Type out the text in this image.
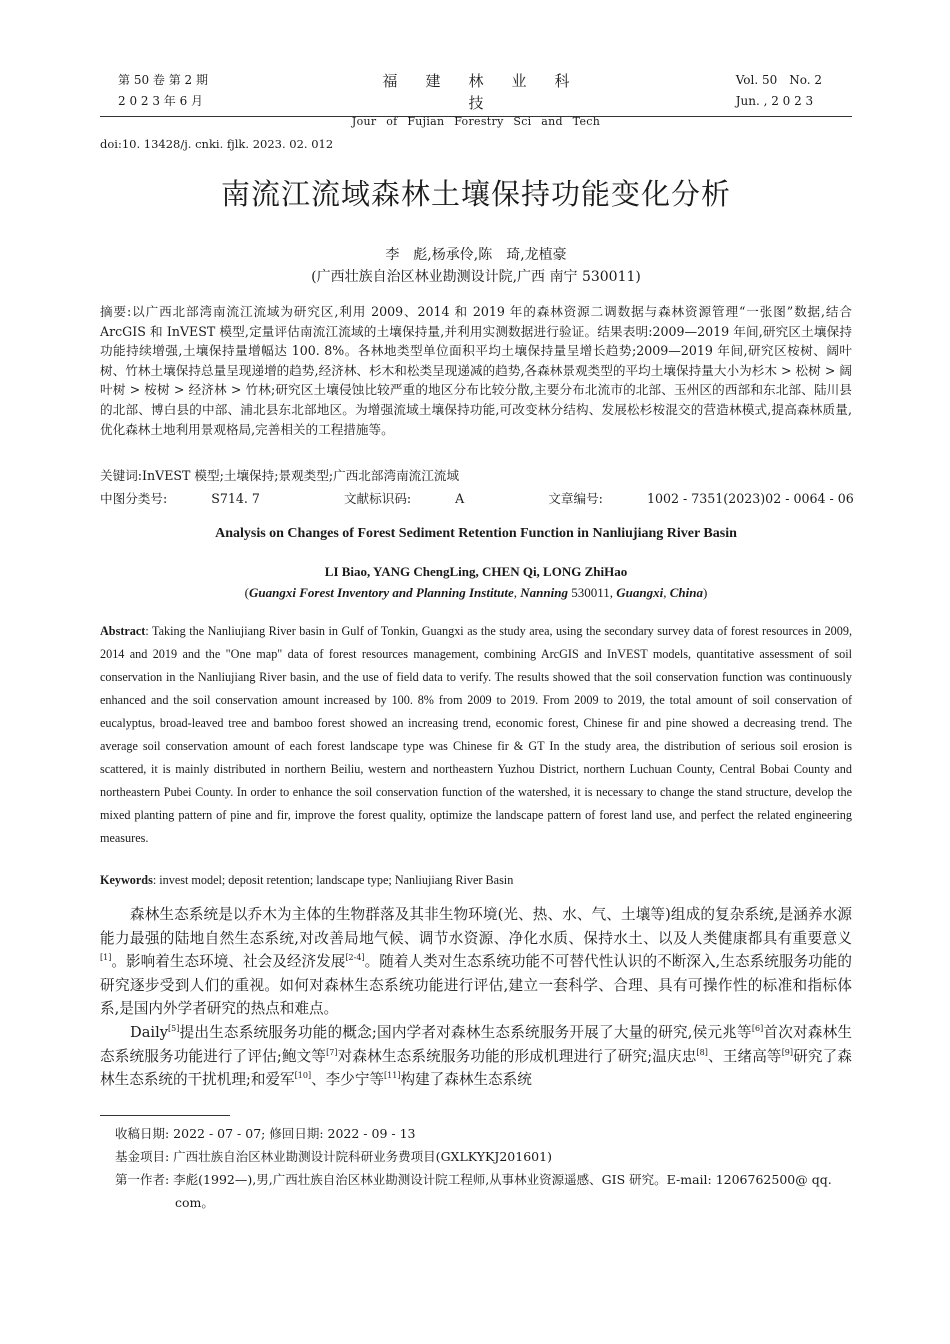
第 50 卷 第 2 期
2 0 2 3 年 6 月
福建林业科技
Jour of Fujian Forestry Sci and Tech
Vol. 50　No. 2
Jun. , 2 0 2 3
doi:10. 13428/j. cnki. fjlk. 2023. 02. 012
南流江流域森林土壤保持功能变化分析
李　彪,杨承伶,陈　琦,龙植豪
(广西壮族自治区林业勘测设计院,广西 南宁 530011)

摘要:以广西北部湾南流江流域为研究区,利用 2009、2014 和 2019 年的森林资源二调数据与森林资源管理“一张图”数据,结合 ArcGIS 和 InVEST 模型,定量评估南流江流域的土壤保持量,并利用实测数据进行验证。结果表明:2009—2019 年间,研究区土壤保持功能持续增强,土壤保持量增幅达 100. 8%。各林地类型单位面积平均土壤保持量呈增长趋势;2009—2019 年间,研究区桉树、阔叶树、竹林土壤保持总量呈现递增的趋势,经济林、杉木和松类呈现递减的趋势,各森林景观类型的平均土壤保持量大小为杉木 > 松树 > 阔叶树 > 桉树 > 经济林 > 竹林;研究区土壤侵蚀比较严重的地区分布比较分散,主要分布北流市的北部、玉州区的西部和东北部、陆川县的北部、博白县的中部、浦北县东北部地区。为增强流域土壤保持功能,可改变林分结构、发展松杉桉混交的营造林模式,提高森林质量,优化森林土地利用景观格局,完善相关的工程措施等。

关键词:InVEST 模型;土壤保持;景观类型;广西北部湾南流江流域
中图分类号:	S714. 7	文献标识码:	A	文章编号:	1002 - 7351(2023)02 - 0064 - 06
Analysis on Changes of Forest Sediment Retention Function in Nanliujiang River Basin
LI Biao, YANG ChengLing, CHEN Qi, LONG ZhiHao
(Guangxi Forest Inventory and Planning Institute, Nanning 530011, Guangxi, China)
Abstract: Taking the Nanliujiang River basin in Gulf of Tonkin, Guangxi as the study area, using the secondary survey data of forest resources in 2009, 2014 and 2019 and the "One map" data of forest resources management, combining ArcGIS and InVEST models, quantitative assessment of soil conservation in the Nanliujiang River basin, and the use of field data to verify. The results showed that the soil conservation function was continuously enhanced and the soil conservation amount increased by 100. 8% from 2009 to 2019. From 2009 to 2019, the total amount of soil conservation of eucalyptus, broad-leaved tree and bamboo forest showed an increasing trend, economic forest, Chinese fir and pine showed a decreasing trend. The average soil conservation amount of each forest landscape type was Chinese fir & GT In the study area, the distribution of serious soil erosion is scattered, it is mainly distributed in northern Beiliu, western and northeastern Yuzhou District, northern Luchuan County, Central Bobai County and northeastern Pubei County. In order to enhance the soil conservation function of the watershed, it is necessary to change the stand structure, develop the mixed planting pattern of pine and fir, improve the forest quality, optimize the landscape pattern of forest land use, and perfect the related engineering measures.
Keywords: invest model; deposit retention; landscape type; Nanliujiang River Basin

森林生态系统是以乔木为主体的生物群落及其非生物环境(光、热、水、气、土壤等)组成的复杂系统,是涵养水源能力最强的陆地自然生态系统,对改善局地气候、调节水资源、净化水质、保持水土、以及人类健康都具有重要意义[1]。影响着生态环境、社会及经济发展[2-4]。随着人类对生态系统功能不可替代性认识的不断深入,生态系统服务功能的研究逐步受到人们的重视。如何对森林生态系统功能进行评估,建立一套科学、合理、具有可操作性的标准和指标体系,是国内外学者研究的热点和难点。

Daily[5]提出生态系统服务功能的概念;国内学者对森林生态系统服务开展了大量的研究,侯元兆等[6]首次对森林生态系统服务功能进行了评估;鲍文等[7]对森林生态系统服务功能的形成机理进行了研究;温庆忠[8]、王绪高等[9]研究了森林生态系统的干扰机理;和爱军[10]、李少宁等[11]构建了森林生态系统

收稿日期: 2022 - 07 - 07; 修回日期: 2022 - 09 - 13
基金项目: 广西壮族自治区林业勘测设计院科研业务费项目(GXLKYKJ201601)
第一作者: 李彪(1992—),男,广西壮族自治区林业勘测设计院工程师,从事林业资源遥感、GIS 研究。E-mail: 1206762500@ qq. com。
